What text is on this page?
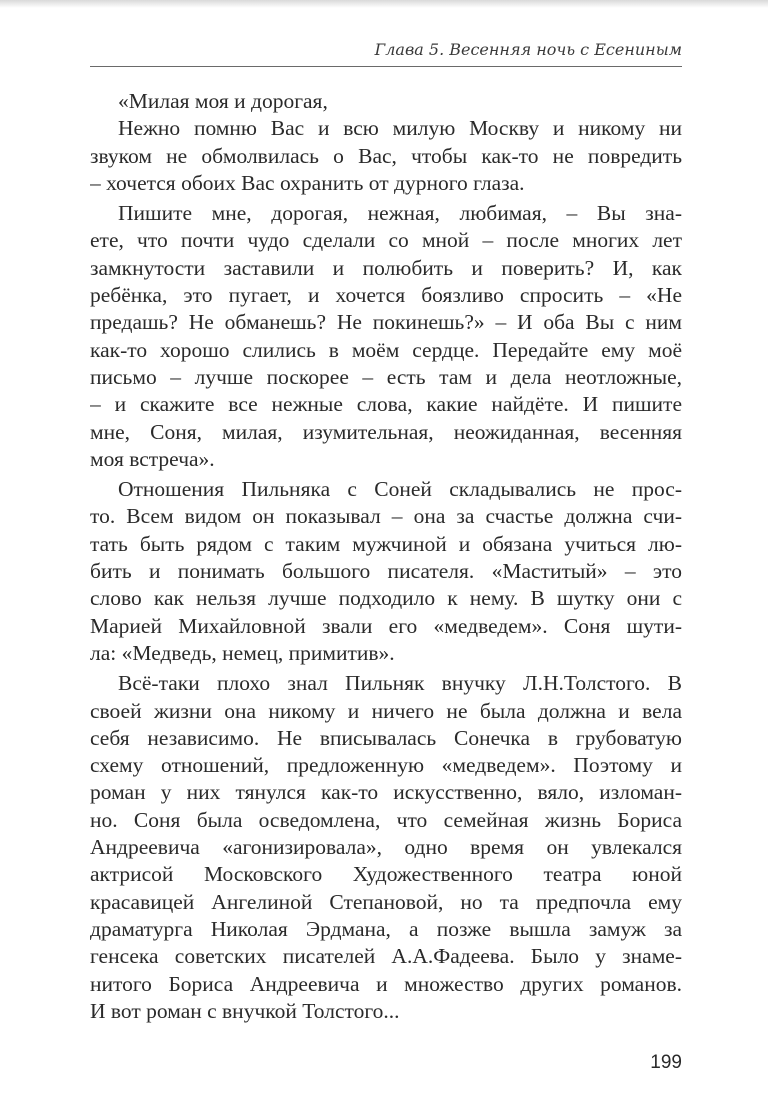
Глава 5. Весенняя ночь с Есениным
«Милая моя и дорогая,
Нежно помню Вас и всю милую Москву и никому ни
звуком не обмолвилась о Вас, чтобы как-то не повредить
– хочется обоих Вас охранить от дурного глаза.
Пишите мне, дорогая, нежная, любимая, – Вы зна-
ете, что почти чудо сделали со мной – после многих лет
замкнутости заставили и полюбить и поверить? И, как
ребёнка, это пугает, и хочется боязливо спросить – «Не
предашь? Не обманешь? Не покинешь?» – И оба Вы с ним
как-то хорошо слились в моём сердце. Передайте ему моё
письмо – лучше поскорее – есть там и дела неотложные,
– и скажите все нежные слова, какие найдёте. И пишите
мне, Соня, милая, изумительная, неожиданная, весенняя
моя встреча».
Отношения Пильняка с Соней складывались не прос-
то. Всем видом он показывал – она за счастье должна счи-
тать быть рядом с таким мужчиной и обязана учиться лю-
бить и понимать большого писателя. «Маститый» – это
слово как нельзя лучше подходило к нему. В шутку они с
Марией Михайловной звали его «медведем». Соня шути-
ла: «Медведь, немец, примитив».
Всё-таки плохо знал Пильняк внучку Л.Н.Толстого. В
своей жизни она никому и ничего не была должна и вела
себя независимо. Не вписывалась Сонечка в грубоватую
схему отношений, предложенную «медведем». Поэтому и
роман у них тянулся как-то искусственно, вяло, изломан-
но. Соня была осведомлена, что семейная жизнь Бориса
Андреевича «агонизировала», одно время он увлекался
актрисой Московского Художественного театра юной
красавицей Ангелиной Степановой, но та предпочла ему
драматурга Николая Эрдмана, а позже вышла замуж за
генсека советских писателей А.А.Фадеева. Было у знаме-
нитого Бориса Андреевича и множество других романов.
И вот роман с внучкой Толстого...
199
